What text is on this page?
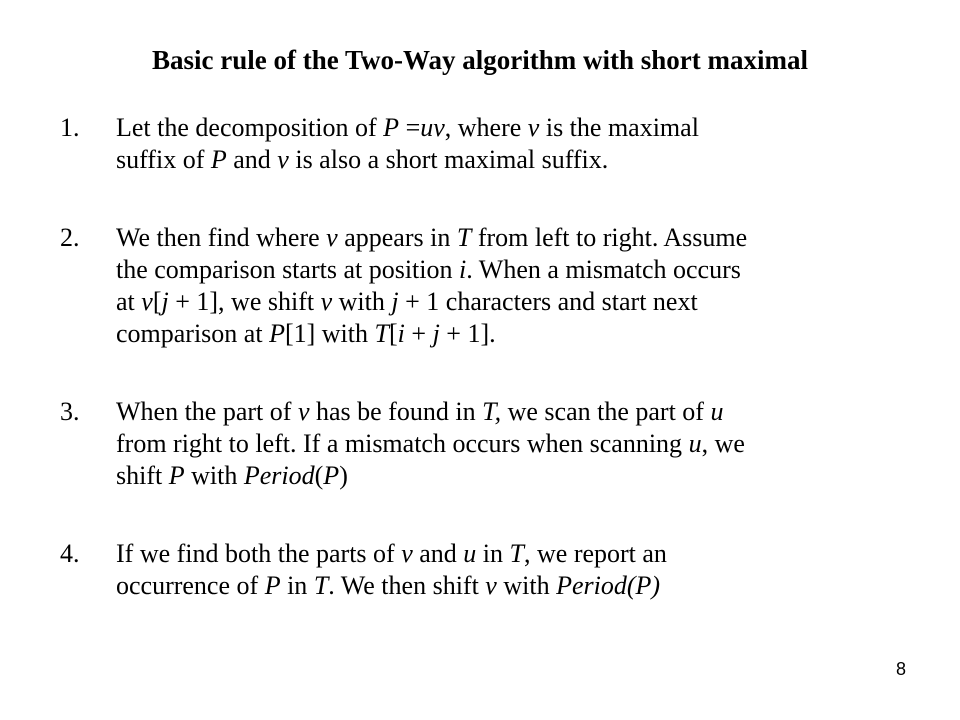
Basic rule of the Two-Way algorithm with short maximal
1.	Let the decomposition of P =uv, where v is the maximal
suffix of P and v is also a short maximal suffix.
2.	We then find where v appears in T from left to right. Assume
the comparison starts at position i. When a mismatch occurs
at v[j + 1], we shift v with j + 1 characters and start next
comparison at P[1] with T[i + j + 1].
3.	When the part of v has be found in T, we scan the part of u
from right to left. If a mismatch occurs when scanning u, we
shift P with Period(P)
4.	If we find both the parts of v and u in T, we report an
occurrence of P in T. We then shift v with Period(P)
8
